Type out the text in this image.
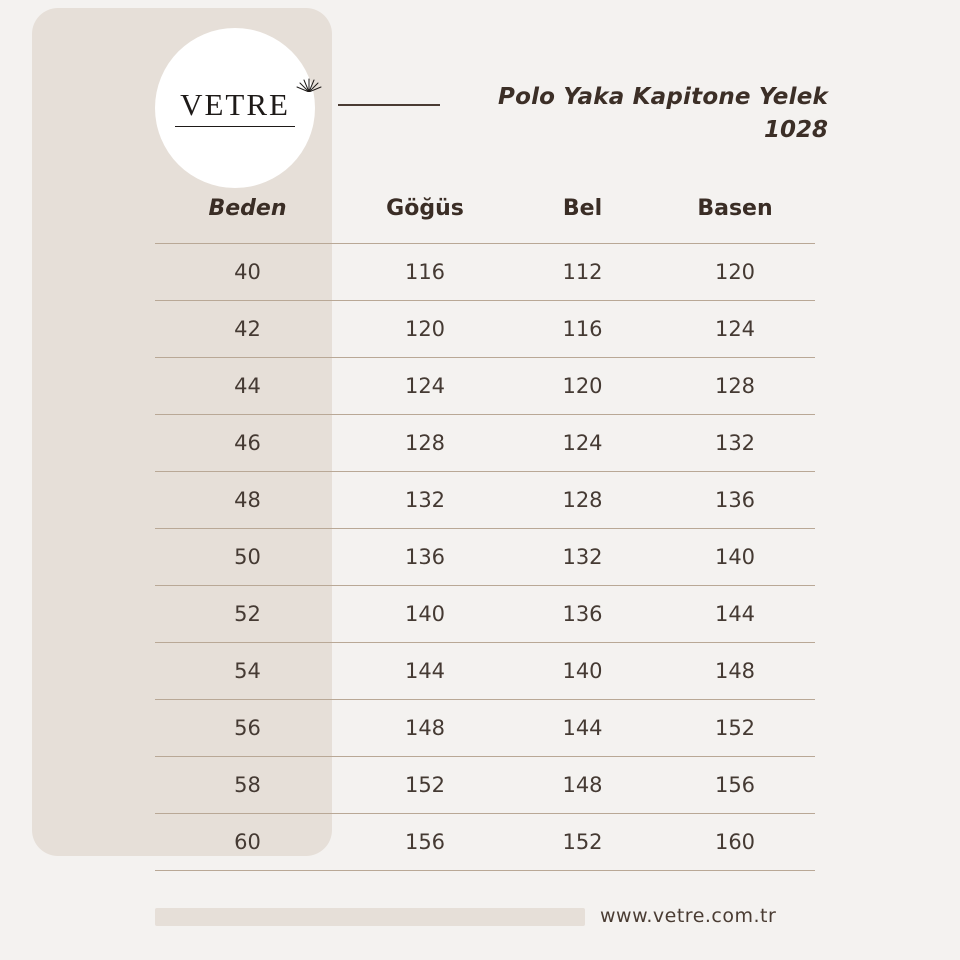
VETRE	Polo Yaka Kapitone Yelek
1028
Beden	Göğüs	Bel	Basen
40	116	112	120
42	120	116	124
44	124	120	128
46	128	124	132
48	132	128	136
50	136	132	140
52	140	136	144
54	144	140	148
56	148	144	152
58	152	148	156
60	156	152	160
www.vetre.com.tr
